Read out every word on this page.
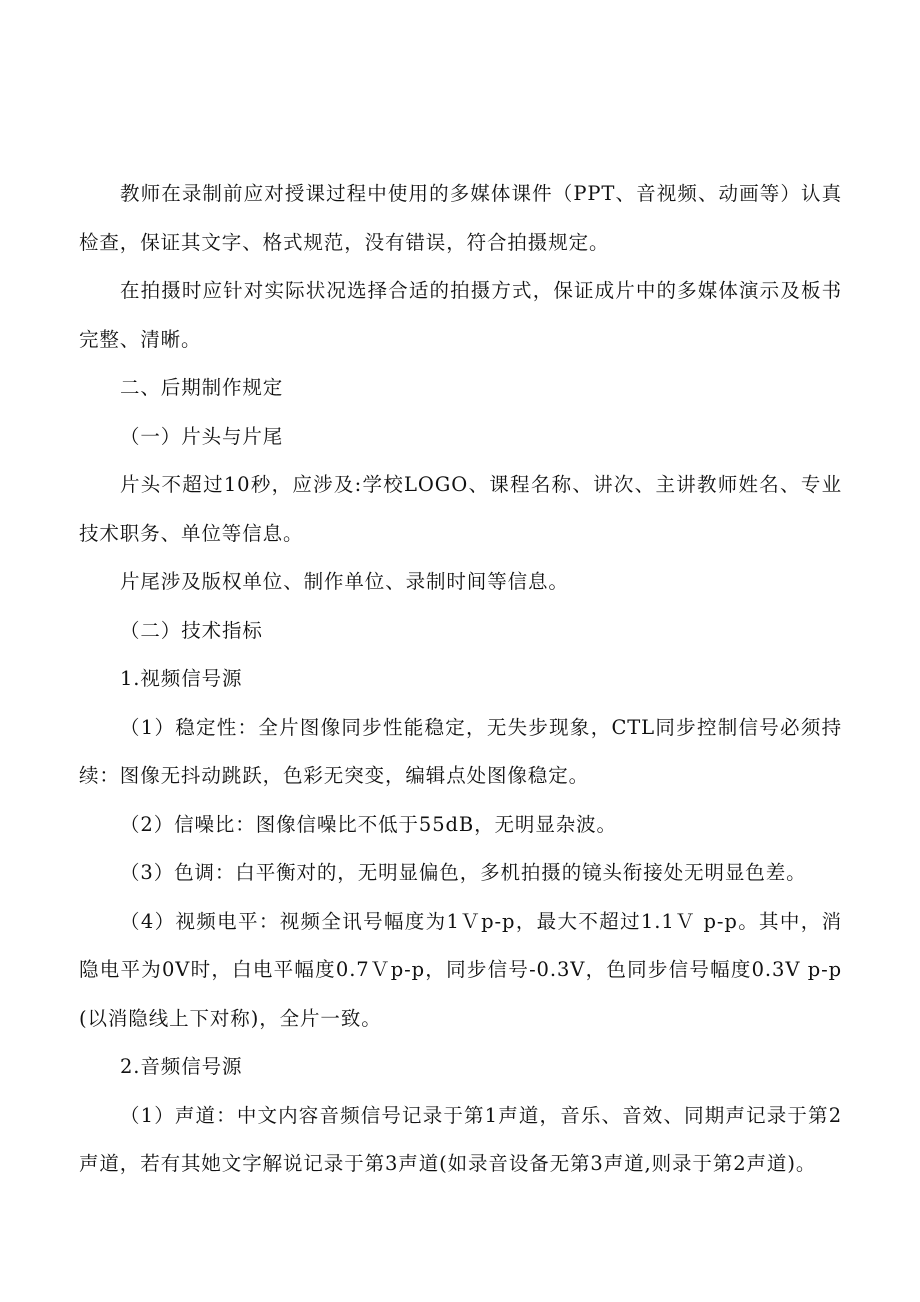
教师在录制前应对授课过程中使用的多媒体课件（PPT、音视频、动画等）认真检查，保证其文字、格式规范，没有错误，符合拍摄规定。

在拍摄时应针对实际状况选择合适的拍摄方式，保证成片中的多媒体演示及板书完整、清晰。

二、后期制作规定

（一）片头与片尾

片头不超过10秒，应涉及:学校LOGO、课程名称、讲次、主讲教师姓名、专业技术职务、单位等信息。

片尾涉及版权单位、制作单位、录制时间等信息。

（二）技术指标

1.视频信号源

（1）稳定性：全片图像同步性能稳定，无失步现象，CTL同步控制信号必须持续：图像无抖动跳跃，色彩无突变，编辑点处图像稳定。

（2）信噪比：图像信噪比不低于55dB，无明显杂波。

（3）色调：白平衡对的，无明显偏色，多机拍摄的镜头衔接处无明显色差。

（4）视频电平：视频全讯号幅度为1Ｖp-p，最大不超过1.1Ｖ p-p。其中，消隐电平为0V时，白电平幅度0.7Ｖp-p，同步信号-0.3V，色同步信号幅度0.3V p-p(以消隐线上下对称)，全片一致。

2.音频信号源

（1）声道：中文内容音频信号记录于第1声道，音乐、音效、同期声记录于第2声道，若有其她文字解说记录于第3声道(如录音设备无第3声道,则录于第2声道)。
